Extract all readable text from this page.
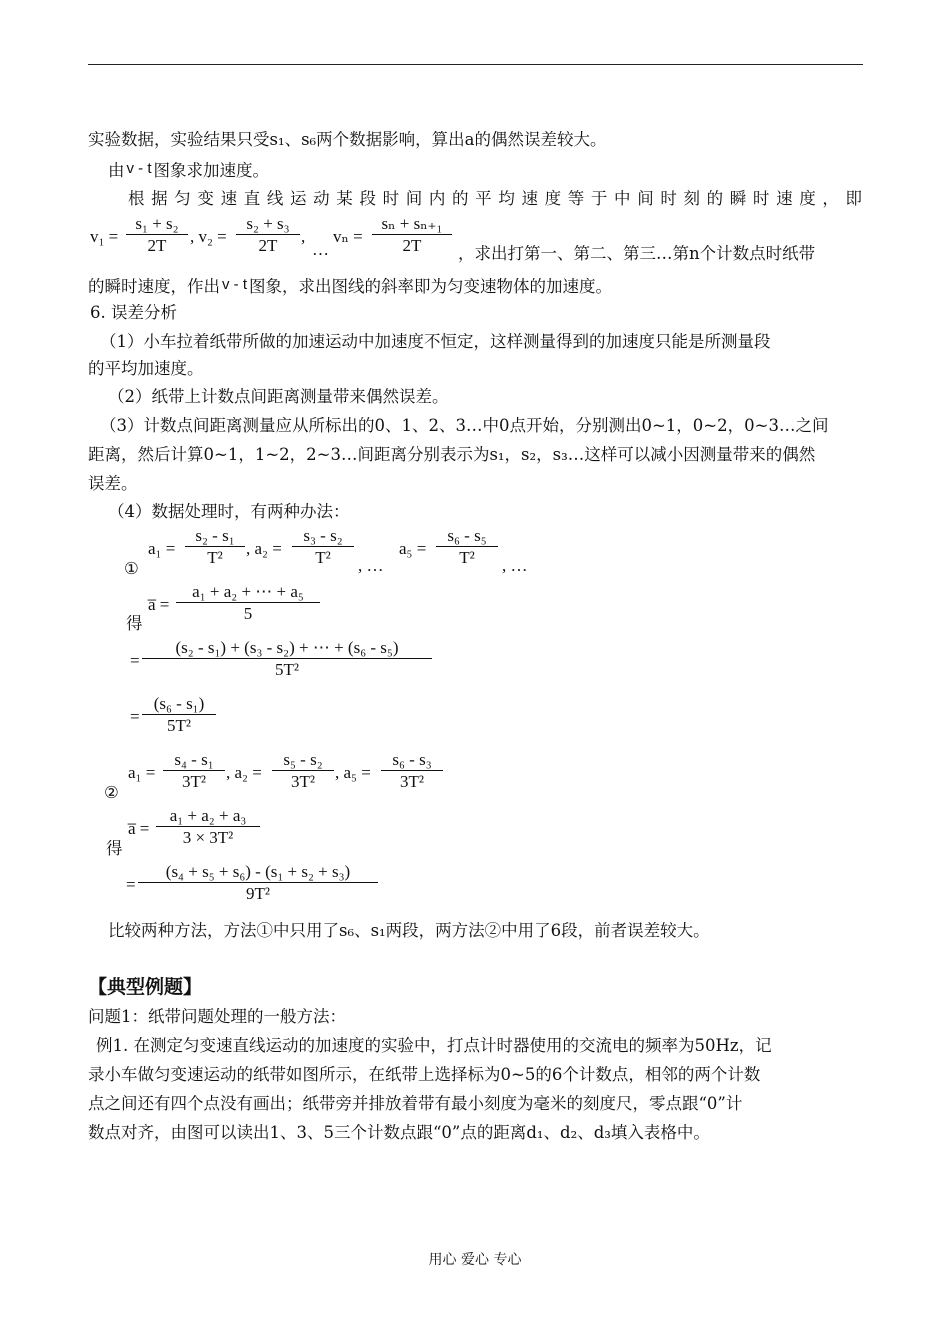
实验数据，实验结果只受s₁、s₆两个数据影响，算出a的偶然误差较大。
由 v - t 图象求加速度。
根据匀变速直线运动某段时间内的平均速度等于中间时刻的瞬时速度，即
v₁ =
s₁ + s₂
2T	, v₂ =
s₂ + s₃
2T	,
…
vₙ =
sₙ + sₙ₊₁
2T	，求出打第一、第二、第三…第n个计数点时纸带
的瞬时速度，作出 v - t 图象，求出图线的斜率即为匀变速物体的加速度。
6. 误差分析
（1）小车拉着纸带所做的加速运动中加速度不恒定，这样测量得到的加速度只能是所测量段
的平均加速度。
（2）纸带上计数点间距离测量带来偶然误差。
（3）计数点间距离测量应从所标出的0、1、2、3…中0点开始，分别测出0~1，0~2，0~3…之间
距离，然后计算0~1，1~2，2~3…间距离分别表示为s₁，s₂，s₃…这样可以减小因测量带来的偶然
误差。
（4）数据处理时，有两种办法：
①
a₁ =
s₂ - s₁
T²	, a₂ =
s₃ - s₂
T²	, …
a₅ =
s₆ - s₅
T²	, …
得
a̅ =
a₁ + a₂ + ⋯ + a₅
5
=
(s₂ - s₁) + (s₃ - s₂) + ⋯ + (s₆ - s₅)
5T²
=
(s₆ - s₁)
5T²
②
a₁ =
s₄ - s₁
3T²	, a₂ =
s₅ - s₂
3T²	, a₅ =
s₆ - s₃
3T²
得
a̅ =
a₁ + a₂ + a₃
3 × 3T²
=
(s₄ + s₅ + s₆) - (s₁ + s₂ + s₃)
9T²
比较两种方法，方法①中只用了s₆、s₁两段，两方法②中用了6段，前者误差较大。
【典型例题】
问题1：纸带问题处理的一般方法：
例1. 在测定匀变速直线运动的加速度的实验中，打点计时器使用的交流电的频率为50Hz，记
录小车做匀变速运动的纸带如图所示，在纸带上选择标为0~5的6个计数点，相邻的两个计数
点之间还有四个点没有画出；纸带旁并排放着带有最小刻度为毫米的刻度尺，零点跟“0”计
数点对齐，由图可以读出1、3、5三个计数点跟“0”点的距离d₁、d₂、d₃填入表格中。
用心 爱心 专心
